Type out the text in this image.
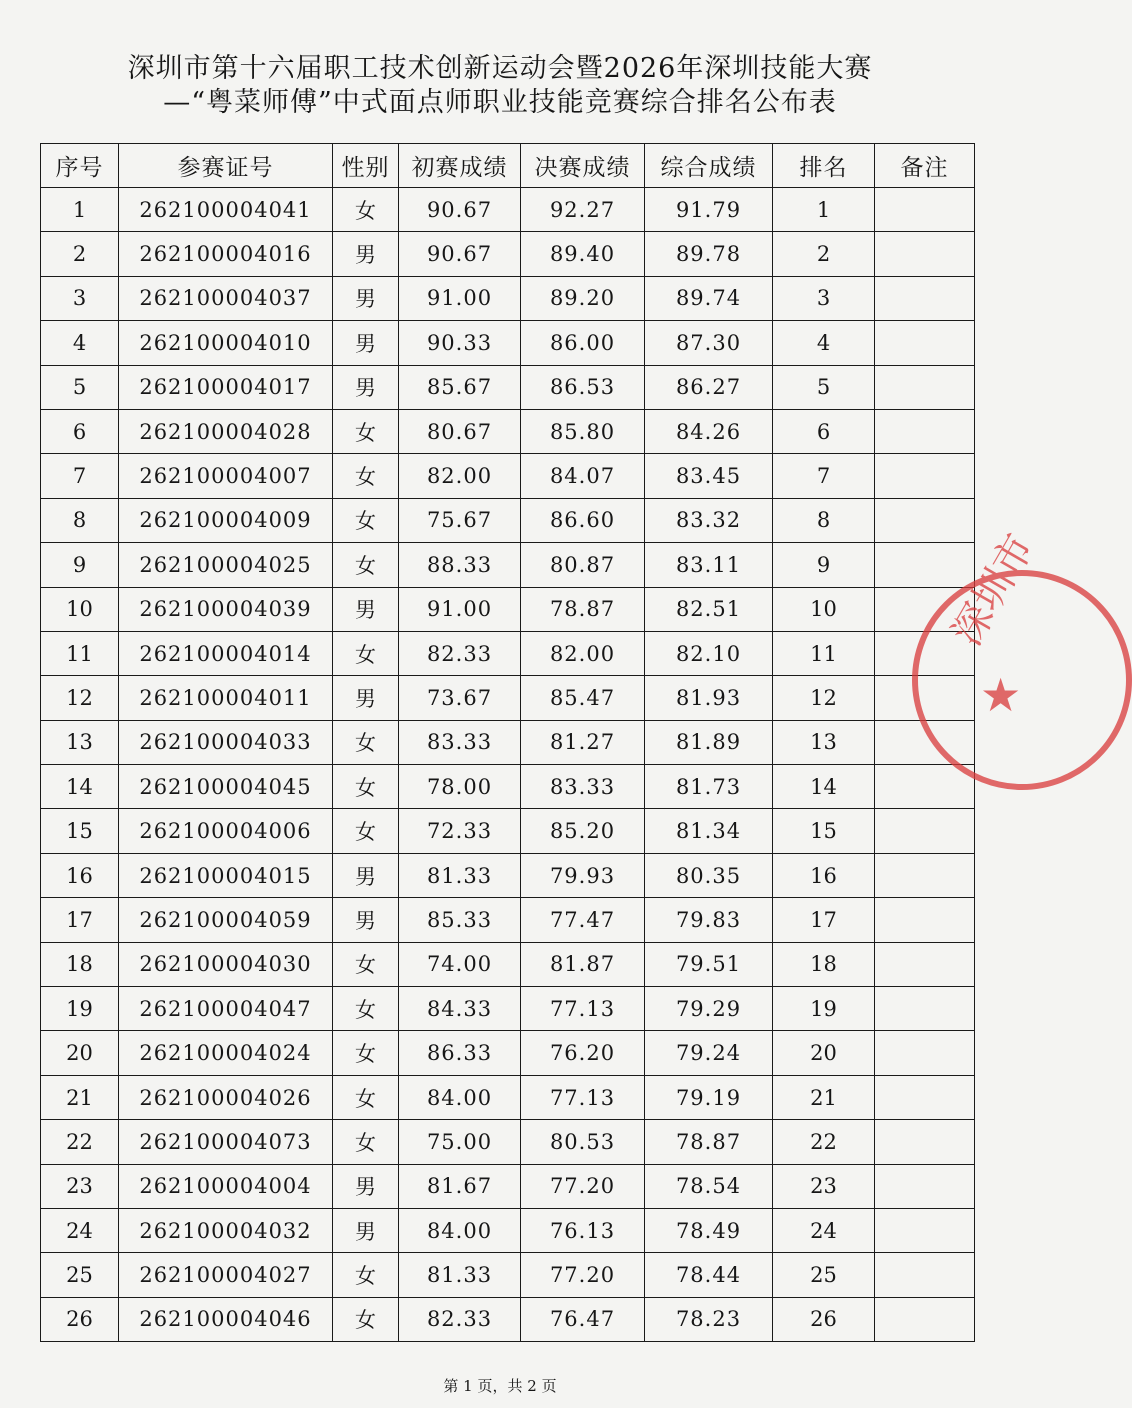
深圳市第十六届职工技术创新运动会暨2026年深圳技能大赛
—“粤菜师傅”中式面点师职业技能竞赛综合排名公布表
序号	参赛证号	性别	初赛成绩	决赛成绩	综合成绩	排名	备注
1	262100004041	女	90.67	92.27	91.79	1	
2	262100004016	男	90.67	89.40	89.78	2	
3	262100004037	男	91.00	89.20	89.74	3	
4	262100004010	男	90.33	86.00	87.30	4	
5	262100004017	男	85.67	86.53	86.27	5	
6	262100004028	女	80.67	85.80	84.26	6	
7	262100004007	女	82.00	84.07	83.45	7	
8	262100004009	女	75.67	86.60	83.32	8	
9	262100004025	女	88.33	80.87	83.11	9	
10	262100004039	男	91.00	78.87	82.51	10	
11	262100004014	女	82.33	82.00	82.10	11	
12	262100004011	男	73.67	85.47	81.93	12	
13	262100004033	女	83.33	81.27	81.89	13	
14	262100004045	女	78.00	83.33	81.73	14	
15	262100004006	女	72.33	85.20	81.34	15	
16	262100004015	男	81.33	79.93	80.35	16	
17	262100004059	男	85.33	77.47	79.83	17	
18	262100004030	女	74.00	81.87	79.51	18	
19	262100004047	女	84.33	77.13	79.29	19	
20	262100004024	女	86.33	76.20	79.24	20	
21	262100004026	女	84.00	77.13	79.19	21	
22	262100004073	女	75.00	80.53	78.87	22	
23	262100004004	男	81.67	77.20	78.54	23	
24	262100004032	男	84.00	76.13	78.49	24	
25	262100004027	女	81.33	77.20	78.44	25	
26	262100004046	女	82.33	76.47	78.23	26	
深圳市
★
第 1 页，共 2 页
